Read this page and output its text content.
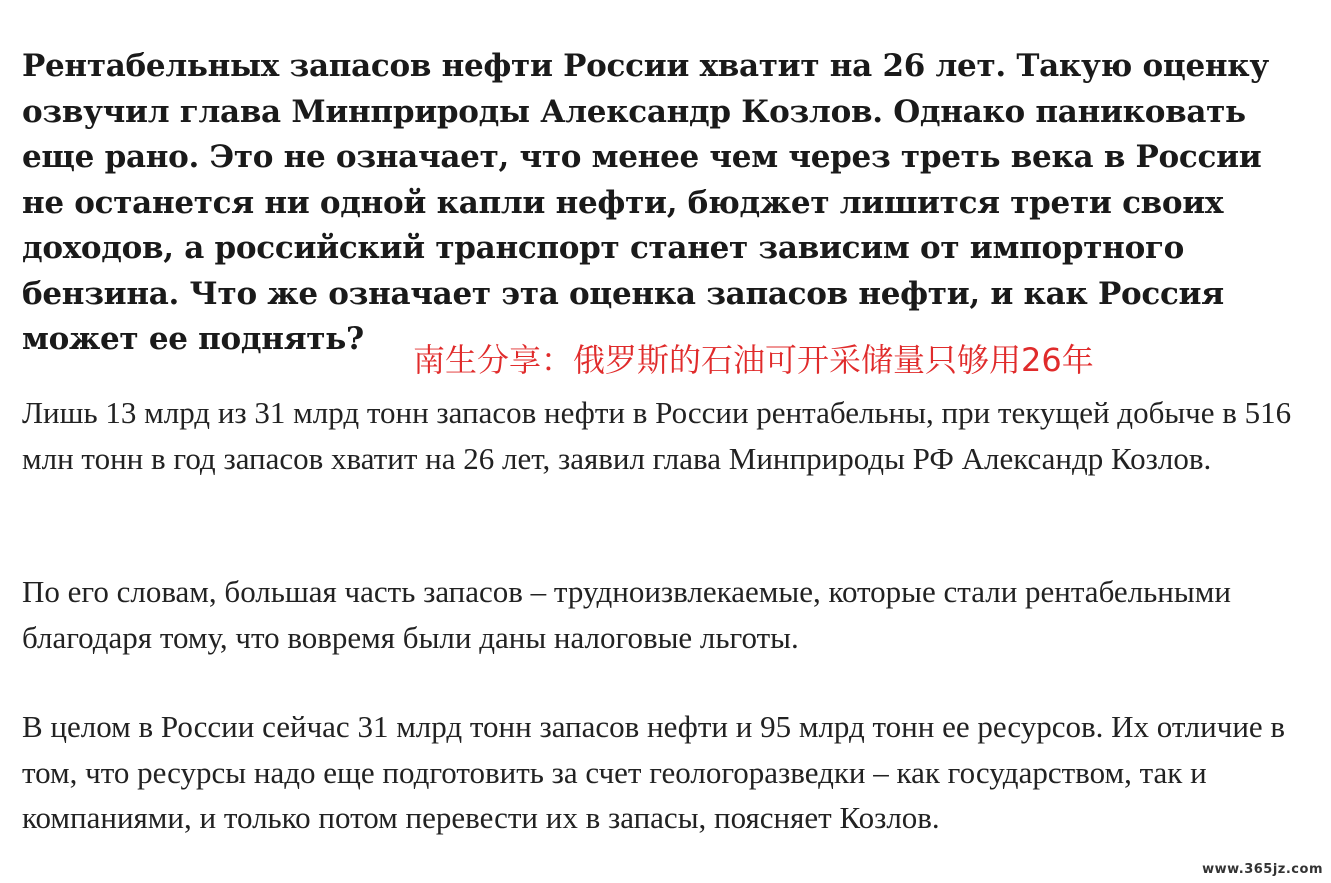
Рентабельных запасов нефти России хватит на 26 лет. Такую оценку озвучил глава Минприроды Александр Козлов. Однако паниковать еще рано. Это не означает, что менее чем через треть века в России не останется ни одной капли нефти, бюджет лишится трети своих доходов, а российский транспорт станет зависим от импортного бензина. Что же означает эта оценка запасов нефти, и как Россия может ее поднять?

Лишь 13 млрд из 31 млрд тонн запасов нефти в России рентабельны, при текущей добыче в 516 млн тонн в год запасов хватит на 26 лет, заявил глава Минприроды РФ Александр Козлов.

По его словам, большая часть запасов – трудноизвлекаемые, которые стали рентабельными благодаря тому, что вовремя были даны налоговые льготы.

В целом в России сейчас 31 млрд тонн запасов нефти и 95 млрд тонн ее ресурсов. Их отличие в том, что ресурсы надо еще подготовить за счет геологоразведки – как государством, так и компаниями, и только потом перевести их в запасы, поясняет Козлов.

南生分享：俄罗斯的石油可开采储量只够用26年
www.365jz.com
